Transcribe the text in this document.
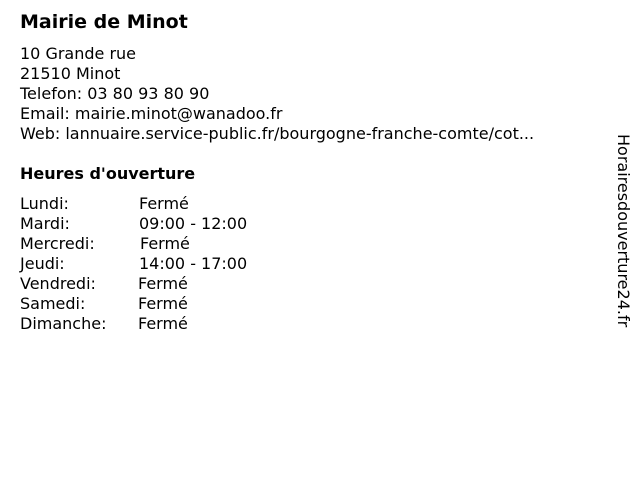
Mairie de Minot
10 Grande rue
21510 Minot
Telefon: 03 80 93 80 90
Email: mairie.minot@wanadoo.fr
Web: lannuaire.service-public.fr/bourgogne-franche-comte/cot...
Heures d'ouverture
Lundi:	Fermé
Mardi:	09:00 - 12:00
Mercredi:	Fermé
Jeudi:	14:00 - 17:00
Vendredi:	Fermé
Samedi:	Fermé
Dimanche: Fermé	Horairesdouverture24.fr
